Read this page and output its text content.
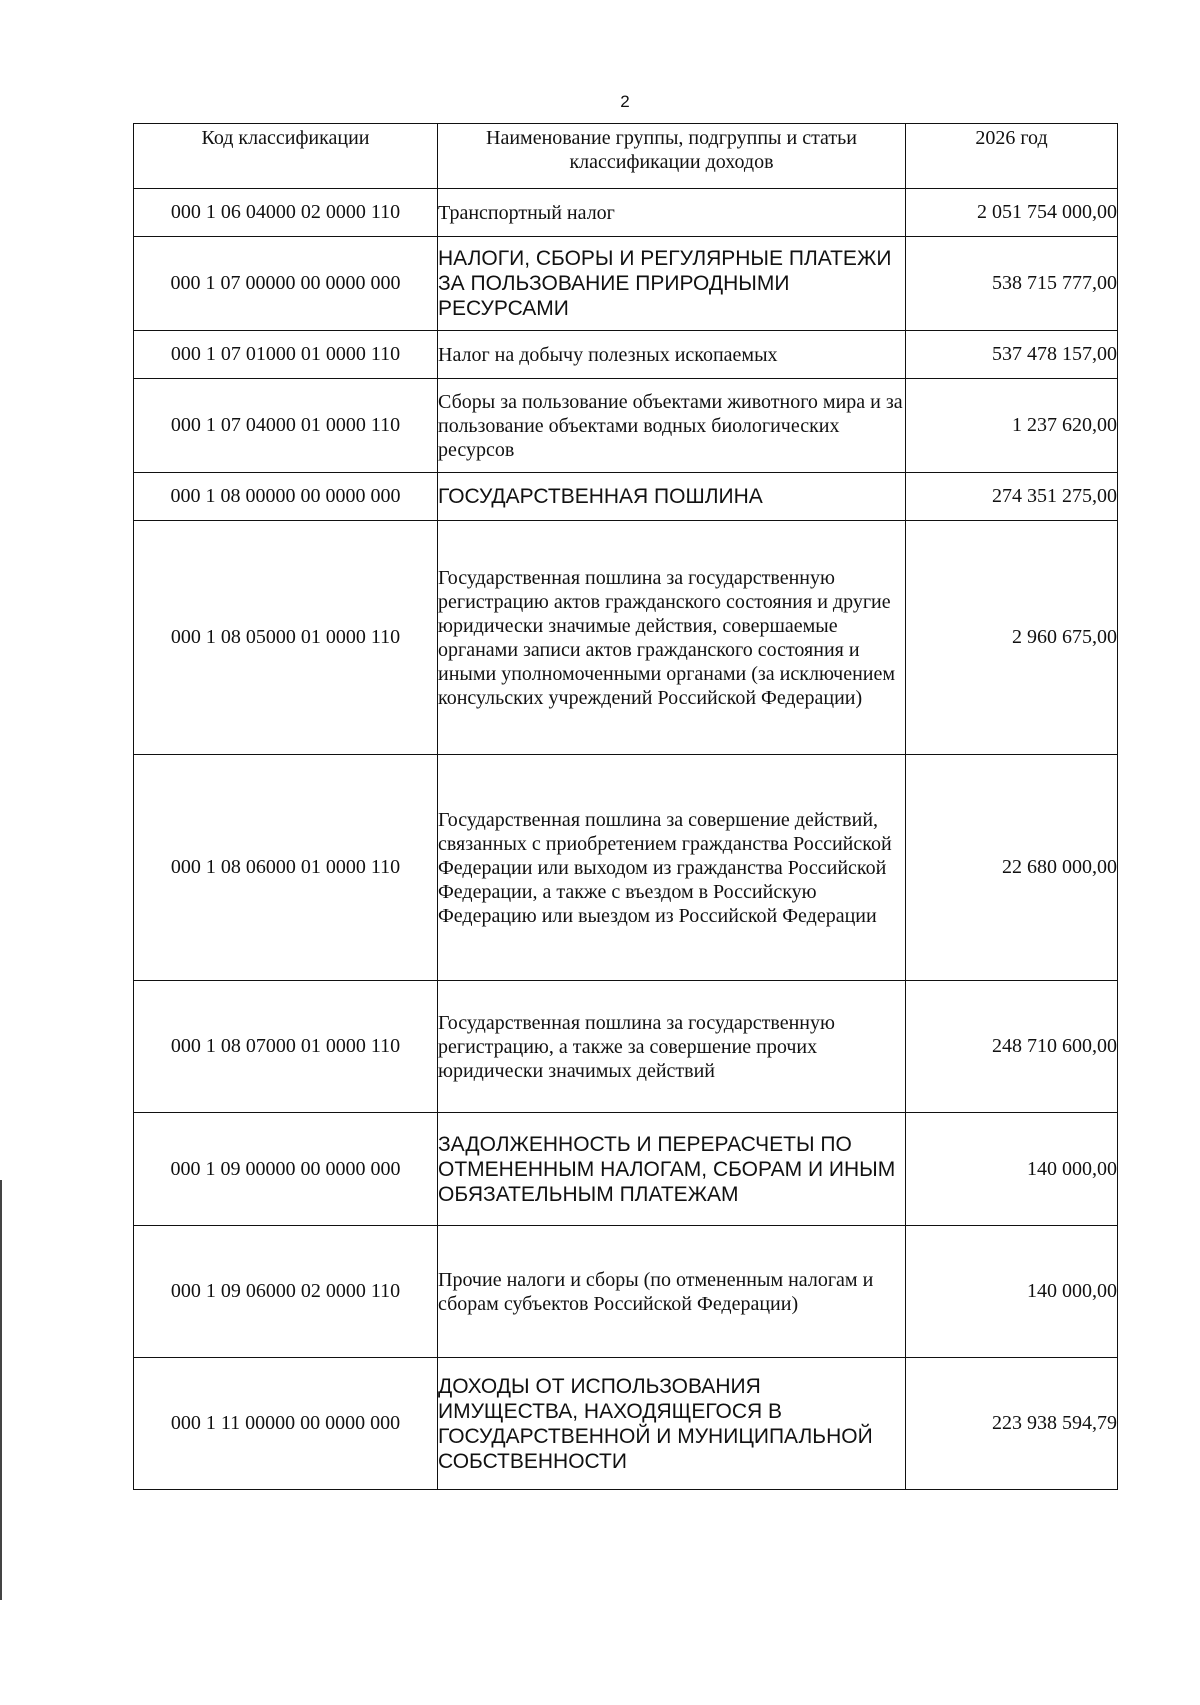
2
Код классификации	Наименование группы, подгруппы и статьи классификации доходов	2026 год
000 1 06 04000 02 0000 110	Транспортный налог	2 051 754 000,00
000 1 07 00000 00 0000 000	НАЛОГИ, СБОРЫ И РЕГУЛЯРНЫЕ ПЛАТЕЖИ ЗА ПОЛЬЗОВАНИЕ ПРИРОДНЫМИ РЕСУРСАМИ	538 715 777,00
000 1 07 01000 01 0000 110	Налог на добычу полезных ископаемых	537 478 157,00
000 1 07 04000 01 0000 110	Сборы за пользование объектами животного мира и за пользование объектами водных биологических ресурсов	1 237 620,00
000 1 08 00000 00 0000 000	ГОСУДАРСТВЕННАЯ ПОШЛИНА	274 351 275,00
000 1 08 05000 01 0000 110	Государственная пошлина за государственную регистрацию актов гражданского состояния и другие юридически значимые действия, совершаемые органами записи актов гражданского состояния и иными уполномоченными органами (за исключением консульских учреждений Российской Федерации)	2 960 675,00
000 1 08 06000 01 0000 110	Государственная пошлина за совершение действий, связанных с приобретением гражданства Российской Федерации или выходом из гражданства Российской Федерации, а также с въездом в Российскую Федерацию или выездом из Российской Федерации	22 680 000,00
000 1 08 07000 01 0000 110	Государственная пошлина за государственную регистрацию, а также за совершение прочих юридически значимых действий	248 710 600,00
000 1 09 00000 00 0000 000	ЗАДОЛЖЕННОСТЬ И ПЕРЕРАСЧЕТЫ ПО ОТМЕНЕННЫМ НАЛОГАМ, СБОРАМ И ИНЫМ ОБЯЗАТЕЛЬНЫМ ПЛАТЕЖАМ	140 000,00
000 1 09 06000 02 0000 110	Прочие налоги и сборы (по отмененным налогам и сборам субъектов Российской Федерации)	140 000,00
000 1 11 00000 00 0000 000	ДОХОДЫ ОТ ИСПОЛЬЗОВАНИЯ ИМУЩЕСТВА, НАХОДЯЩЕГОСЯ В ГОСУДАРСТВЕННОЙ И МУНИЦИПАЛЬНОЙ СОБСТВЕННОСТИ	223 938 594,79
